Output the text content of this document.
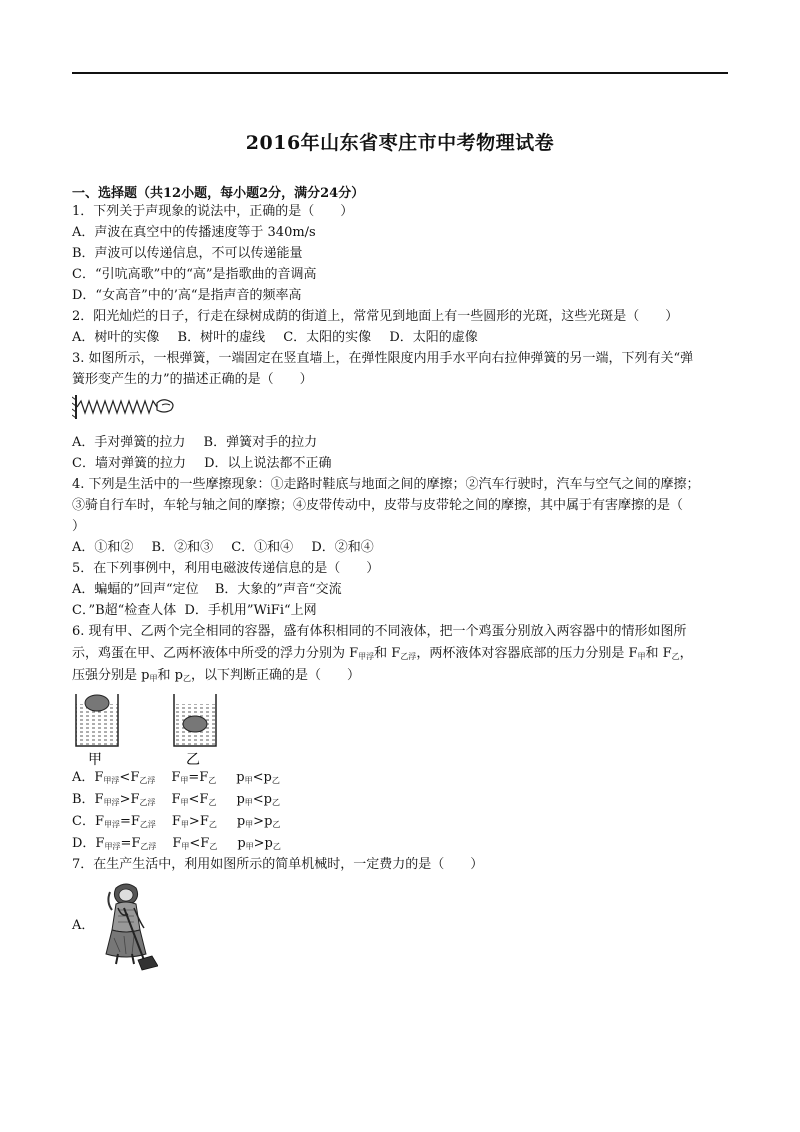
2016年山东省枣庄市中考物理试卷
一、选择题（共12小题，每小题2分，满分24分）
1．下列关于声现象的说法中，正确的是（　　）
A．声波在真空中的传播速度等于 340m/s
B．声波可以传递信息，不可以传递能量
C．“引吭高歌”中的“高”是指歌曲的音调高
D．“女高音”中的’高“是指声音的频率高
2．阳光灿烂的日子，行走在绿树成荫的街道上，常常见到地面上有一些圆形的光斑，这些光斑是（　　）
A．树叶的实像 B．树叶的虚线 C．太阳的实像 D．太阳的虚像
3. 如图所示，一根弹簧，一端固定在竖直墙上，在弹性限度内用手水平向右拉伸弹簧的另一端，下列有关“弹
簧形变产生的力”的描述正确的是（　　）
A．手对弹簧的拉力 B．弹簧对手的拉力
C．墙对弹簧的拉力 D．以上说法都不正确
4. 下列是生活中的一些摩擦现象：①走路时鞋底与地面之间的摩擦；②汽车行驶时，汽车与空气之间的摩擦；
③骑自行车时，车轮与轴之间的摩擦；④皮带传动中，皮带与皮带轮之间的摩擦，其中属于有害摩擦的是（
）
A．①和② B．②和③ C．①和④ D．②和④
5．在下列事例中，利用电磁波传递信息的是（　　）
A．蝙蝠的”回声“定位 B．大象的”声音“交流
C．”B超“检查人体 D．手机用”WiFi“上网
6. 现有甲、乙两个完全相同的容器，盛有体积相同的不同液体，把一个鸡蛋分别放入两容器中的情形如图所
示，鸡蛋在甲、乙两杯液体中所受的浮力分别为 $F_{甲浮}$和 $F_{乙浮}$，两杯液体对容器底部的压力分别是 $F_甲$和 $F_乙$，
压强分别是 $p_甲$和 $p_乙$，以下判断正确的是（　　）
甲	乙
A．F甲浮<F乙浮 F甲=F乙 p甲<p乙
B．F甲浮>F乙浮 F甲<F乙 p甲<p乙
C．F甲浮=F乙浮 F甲>F乙 p甲>p乙
D．F甲浮=F乙浮 F甲<F乙 p甲>p乙
7．在生产生活中，利用如图所示的简单机械时，一定费力的是（　　）
A．
